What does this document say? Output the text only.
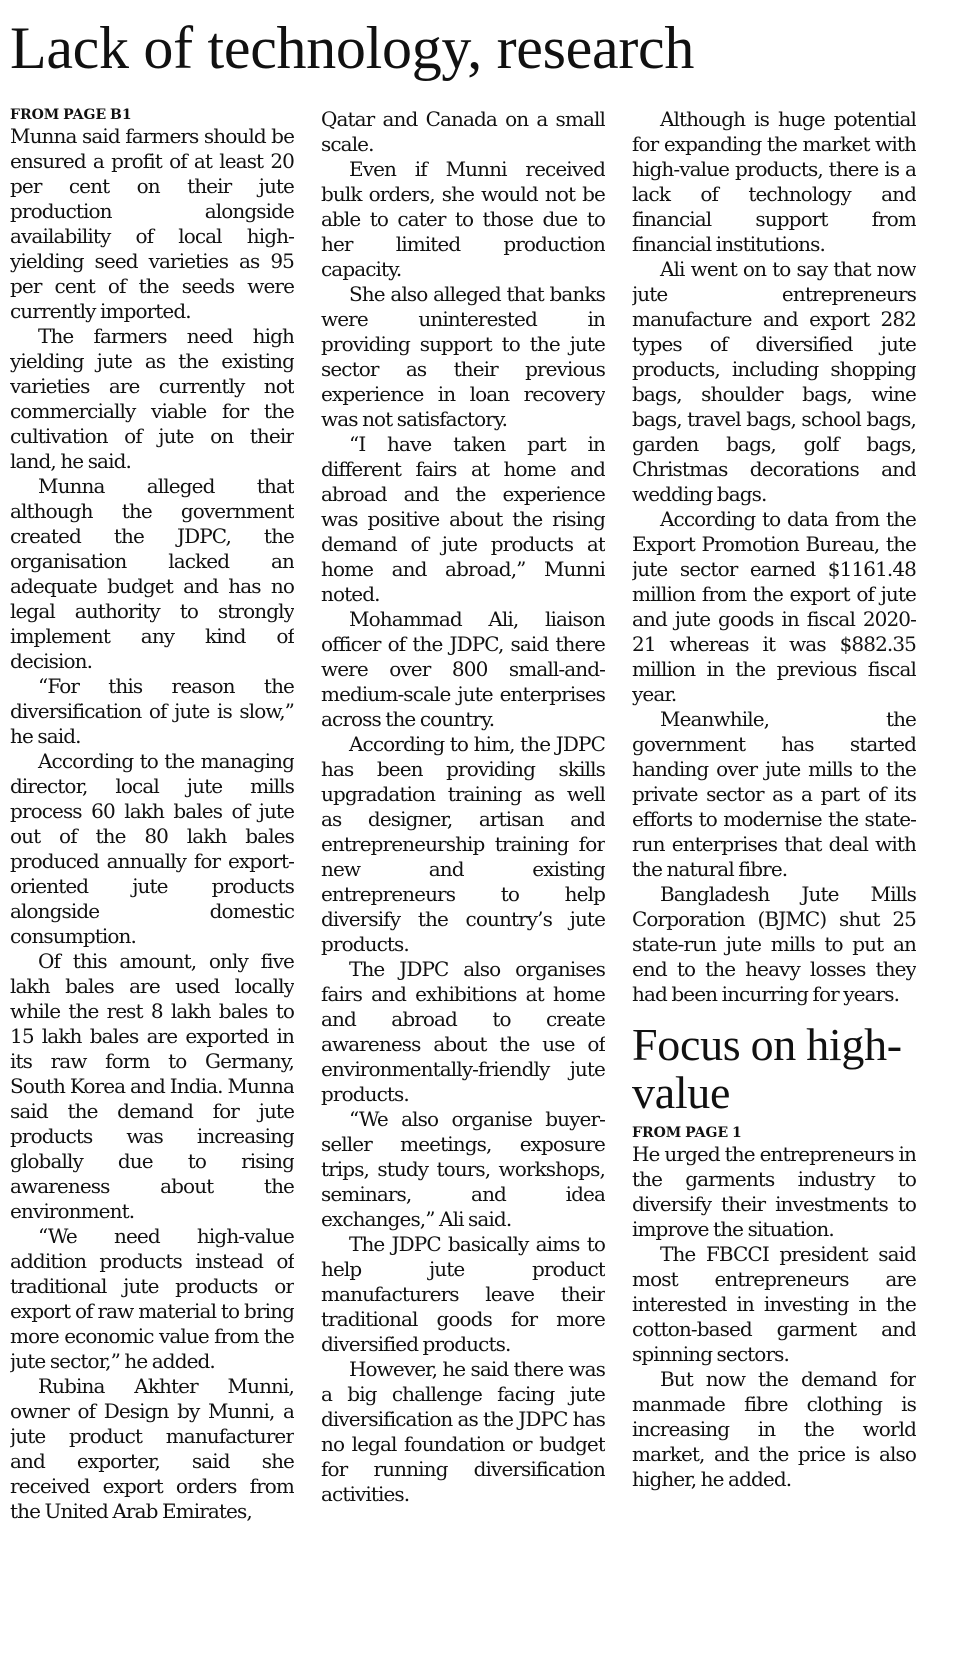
Lack of technology, research
FROM PAGE B1

Munna said farmers should be ensured a profit of at least 20 per cent on their jute production alongside availability of local high-yielding seed varieties as 95 per cent of the seeds were currently imported.

The farmers need high yielding jute as the existing varieties are currently not commercially viable for the cultivation of jute on their land, he said.

Munna alleged that although the government created the JDPC, the organisation lacked an adequate budget and has no legal authority to strongly implement any kind of decision.

“For this reason the diversification of jute is slow,” he said.

According to the managing director, local jute mills process 60 lakh bales of jute out of the 80 lakh bales produced annually for export-oriented jute products alongside domestic consumption.

Of this amount, only five lakh bales are used locally while the rest 8 lakh bales to 15 lakh bales are exported in its raw form to Germany, South Korea and India. Munna said the demand for jute products was increasing globally due to rising awareness about the environment.

“We need high-value addition products instead of traditional jute products or export of raw material to bring more economic value from the jute sector,” he added.

Rubina Akhter Munni, owner of Design by Munni, a jute product manufacturer and exporter, said she received export orders from the United Arab Emirates,

Qatar and Canada on a small scale.

Even if Munni received bulk orders, she would not be able to cater to those due to her limited production capacity.

She also alleged that banks were uninterested in providing support to the jute sector as their previous experience in loan recovery was not satisfactory.

“I have taken part in different fairs at home and abroad and the experience was positive about the rising demand of jute products at home and abroad,” Munni noted.

Mohammad Ali, liaison officer of the JDPC, said there were over 800 small-and-medium-scale jute enterprises across the country.

According to him, the JDPC has been providing skills upgradation training as well as designer, artisan and entrepreneurship training for new and existing entrepreneurs to help diversify the country’s jute products.

The JDPC also organises fairs and exhibitions at home and abroad to create awareness about the use of environmentally-friendly jute products.

“We also organise buyer-seller meetings, exposure trips, study tours, workshops, seminars, and idea exchanges,” Ali said.

The JDPC basically aims to help jute product manufacturers leave their traditional goods for more diversified products.

However, he said there was a big challenge facing jute diversification as the JDPC has no legal foundation or budget for running diversification activities.

Although is huge potential for expanding the market with high-value products, there is a lack of technology and financial support from financial institutions.

Ali went on to say that now jute entrepreneurs manufacture and export 282 types of diversified jute products, including shopping bags, shoulder bags, wine bags, travel bags, school bags, garden bags, golf bags, Christmas decorations and wedding bags.

According to data from the Export Promotion Bureau, the jute sector earned $1161.48 million from the export of jute and jute goods in fiscal 2020-21 whereas it was $882.35 million in the previous fiscal year.

Meanwhile, the government has started handing over jute mills to the private sector as a part of its efforts to modernise the state-run enterprises that deal with the natural fibre.

Bangladesh Jute Mills Corporation (BJMC) shut 25 state-run jute mills to put an end to the heavy losses they had been incurring for years.

Focus on high-value
FROM PAGE 1

He urged the entrepreneurs in the garments industry to diversify their investments to improve the situation.

The FBCCI president said most entrepreneurs are interested in investing in the cotton-based garment and spinning sectors.

But now the demand for manmade fibre clothing is increasing in the world market, and the price is also higher, he added.
